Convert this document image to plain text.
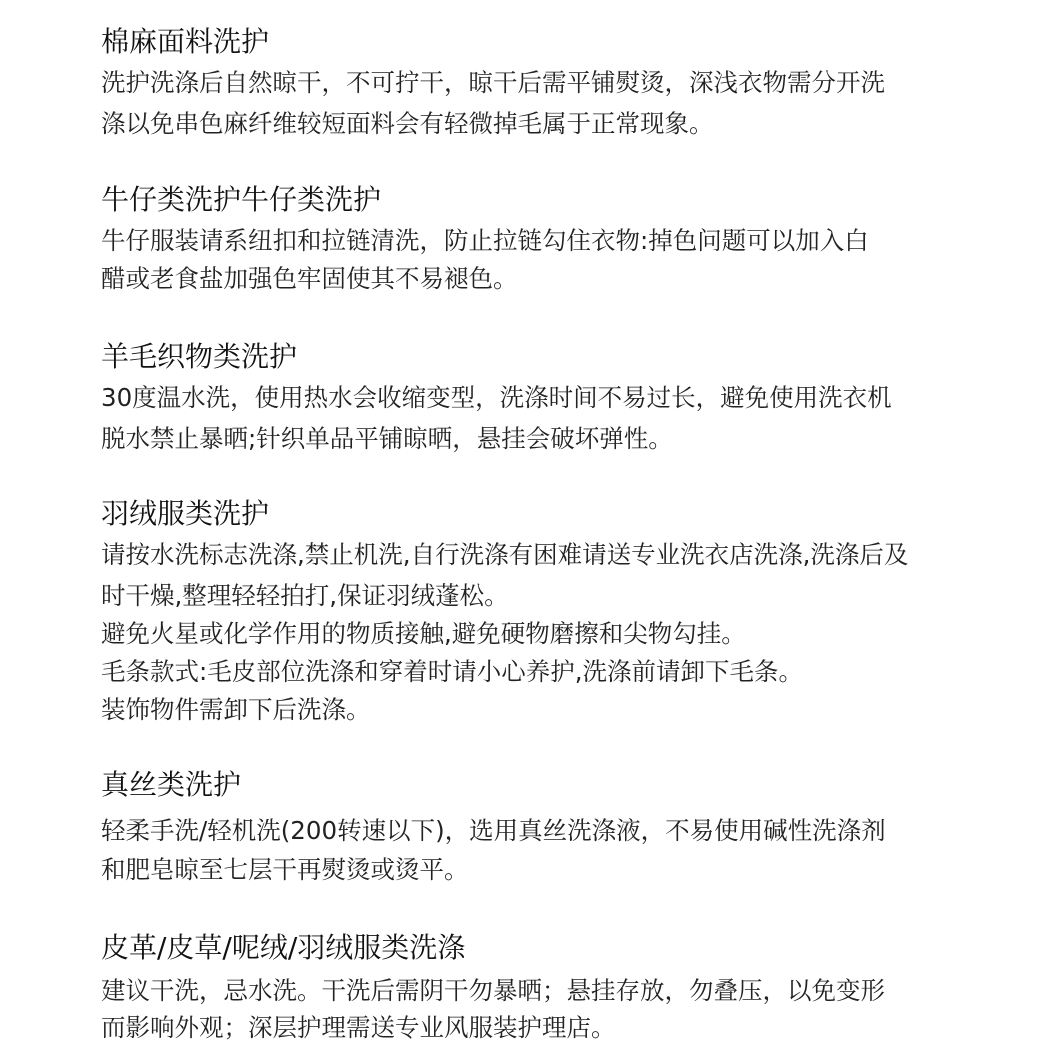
棉麻面料洗护
洗护洗涤后自然晾干，不可拧干，晾干后需平铺熨烫，深浅衣物需分开洗
涤以免串色麻纤维较短面料会有轻微掉毛属于正常现象。
牛仔类洗护牛仔类洗护
牛仔服装请系纽扣和拉链清洗，防止拉链勾住衣物:掉色问题可以加入白
醋或老食盐加强色牢固使其不易褪色。
羊毛织物类洗护
30度温水洗，使用热水会收缩变型，洗涤时间不易过长，避免使用洗衣机
脱水禁止暴晒;针织单品平铺晾晒，悬挂会破坏弹性。
羽绒服类洗护
请按水洗标志洗涤,禁止机洗,自行洗涤有困难请送专业洗衣店洗涤,洗涤后及
时干燥,整理轻轻拍打,保证羽绒蓬松。
避免火星或化学作用的物质接触,避免硬物磨擦和尖物勾挂。
毛条款式:毛皮部位洗涤和穿着时请小心养护,洗涤前请卸下毛条。
装饰物件需卸下后洗涤。
真丝类洗护
轻柔手洗/轻机洗(200转速以下)，选用真丝洗涤液，不易使用碱性洗涤剂
和肥皂晾至七层干再熨烫或烫平。
皮革/皮草/呢绒/羽绒服类洗涤
建议干洗，忌水洗。干洗后需阴干勿暴晒；悬挂存放，勿叠压，以免变形
而影响外观；深层护理需送专业风服装护理店。
